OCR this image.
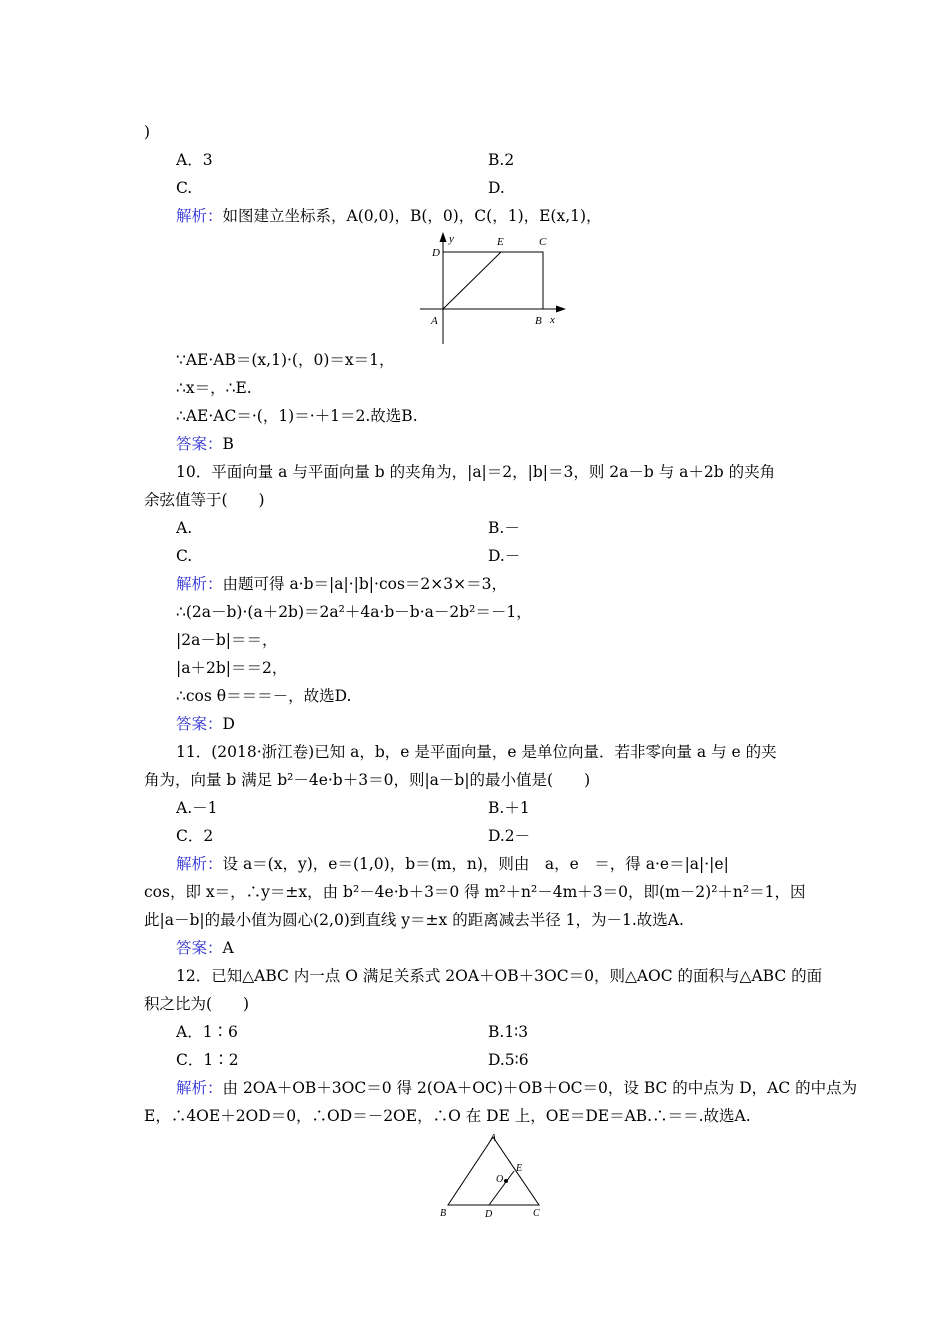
)
A．3	B.2
C.	D.
解析：如图建立坐标系，A(0,0)，B(，0)，C(，1)，E(x,1)，
D
y	E	C
A	B x
∵AE·AB＝(x,1)·(，0)＝x＝1，
∴x＝，∴E.
∴AE·AC＝·(，1)＝·＋1＝2.故选B.
答案：B
10．平面向量 a 与平面向量 b 的夹角为，|a|＝2，|b|＝3，则 2a－b 与 a＋2b 的夹角
余弦值等于(　　)
A.	B.－
C.	D.－
解析：由题可得 a·b＝|a|·|b|·cos＝2×3×＝3，
∴(2a－b)·(a＋2b)＝2a²＋4a·b－b·a－2b²＝－1，
|2a－b|＝＝，
|a＋2b|＝＝2，
∴cos θ＝＝＝－，故选D.
答案：D
11．(2018·浙江卷)已知 a，b，e 是平面向量，e 是单位向量．若非零向量 a 与 e 的夹
角为，向量 b 满足 b²－4e·b＋3＝0，则|a－b|的最小值是(　　)
A.－1	B.＋1
C．2	D.2－
解析：设 a＝(x，y)，e＝(1,0)，b＝(m，n)，则由　a，e　＝，得 a·e＝|a|·|e|
cos，即 x＝，∴y＝±x，由 b²－4e·b＋3＝0 得 m²＋n²－4m＋3＝0，即(m－2)²＋n²＝1，因
此|a－b|的最小值为圆心(2,0)到直线 y＝±x 的距离减去半径 1，为－1.故选A.
答案：A
12．已知△ABC 内一点 O 满足关系式 2OA＋OB＋3OC＝0，则△AOC 的面积与△ABC 的面
积之比为(　　)
A．1∶6	B.1∶3
C．1∶2	D.5∶6
解析：由 2OA＋OB＋3OC＝0 得 2(OA＋OC)＋OB＋OC＝0，设 BC 的中点为 D，AC 的中点为
E，∴4OE＋2OD＝0，∴OD＝－2OE，∴O 在 DE 上，OE＝DE＝AB.∴＝＝.故选A.
A
E
O
B	D	C
